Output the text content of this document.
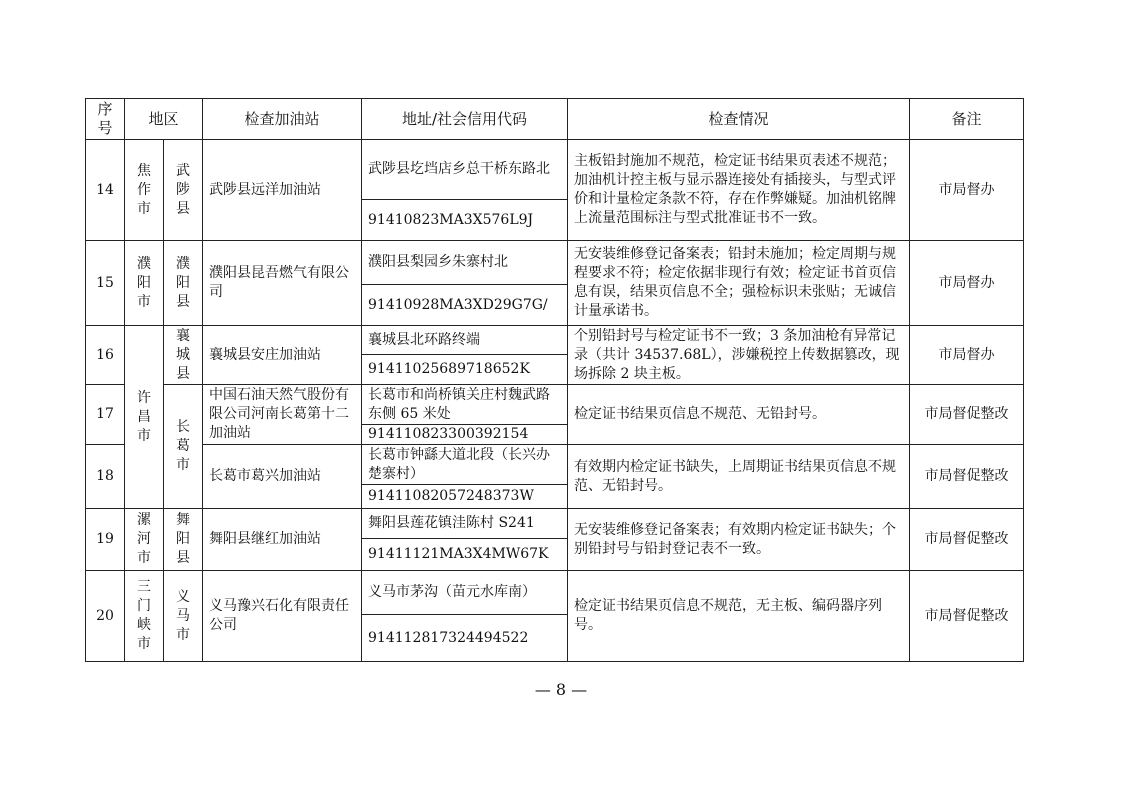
序号	地区		检查加油站	地址/社会信用代码	检查情况	备注
14	焦
作
市	武
陟
县	武陟县远洋加油站	武陟县圪垱店乡总干桥东路北	主板铅封施加不规范，检定证书结果页表述不规范；加油机计控主板与显示器连接处有插接头，与型式评价和计量检定条款不符，存在作弊嫌疑。加油机铭牌上流量范围标注与型式批准证书不一致。	市局督办
				91410823MA3X576L9J		
15	濮
阳
市	濮
阳
县	濮阳县昆吾燃气有限公司	濮阳县梨园乡朱寨村北	无安装维修登记备案表；铅封未施加；检定周期与规程要求不符；检定依据非现行有效；检定证书首页信息有误，结果页信息不全；强检标识未张贴；无诚信计量承诺书。	市局督办
				91410928MA3XD29G7G/		
16	许
昌
市	襄
城
县	襄城县安庄加油站	襄城县北环路终端	个别铅封号与检定证书不一致；3 条加油枪有异常记录（共计 34537.68L），涉嫌税控上传数据篡改，现场拆除 2 块主板。	市局督办
				91411025689718652K		
17		长
葛
市	中国石油天然气股份有限公司河南长葛第十二加油站	长葛市和尚桥镇关庄村魏武路东侧 65 米处	检定证书结果页信息不规范、无铅封号。	市局督促整改
				914110823300392154		
18			长葛市葛兴加油站	长葛市钟繇大道北段（长兴办楚寨村）	有效期内检定证书缺失，上周期证书结果页信息不规范、无铅封号。	市局督促整改
				91411082057248373W		
19	漯
河
市	舞
阳
县	舞阳县继红加油站	舞阳县莲花镇洼陈村 S241	无安装维修登记备案表；有效期内检定证书缺失；个别铅封号与铅封登记表不一致。	市局督促整改
				91411121MA3X4MW67K		
20	三
门
峡
市	义
马
市	义马豫兴石化有限责任公司	义马市茅沟（苗元水库南）	检定证书结果页信息不规范，无主板、编码器序列号。	市局督促整改
				914112817324494522		
— 8 —
